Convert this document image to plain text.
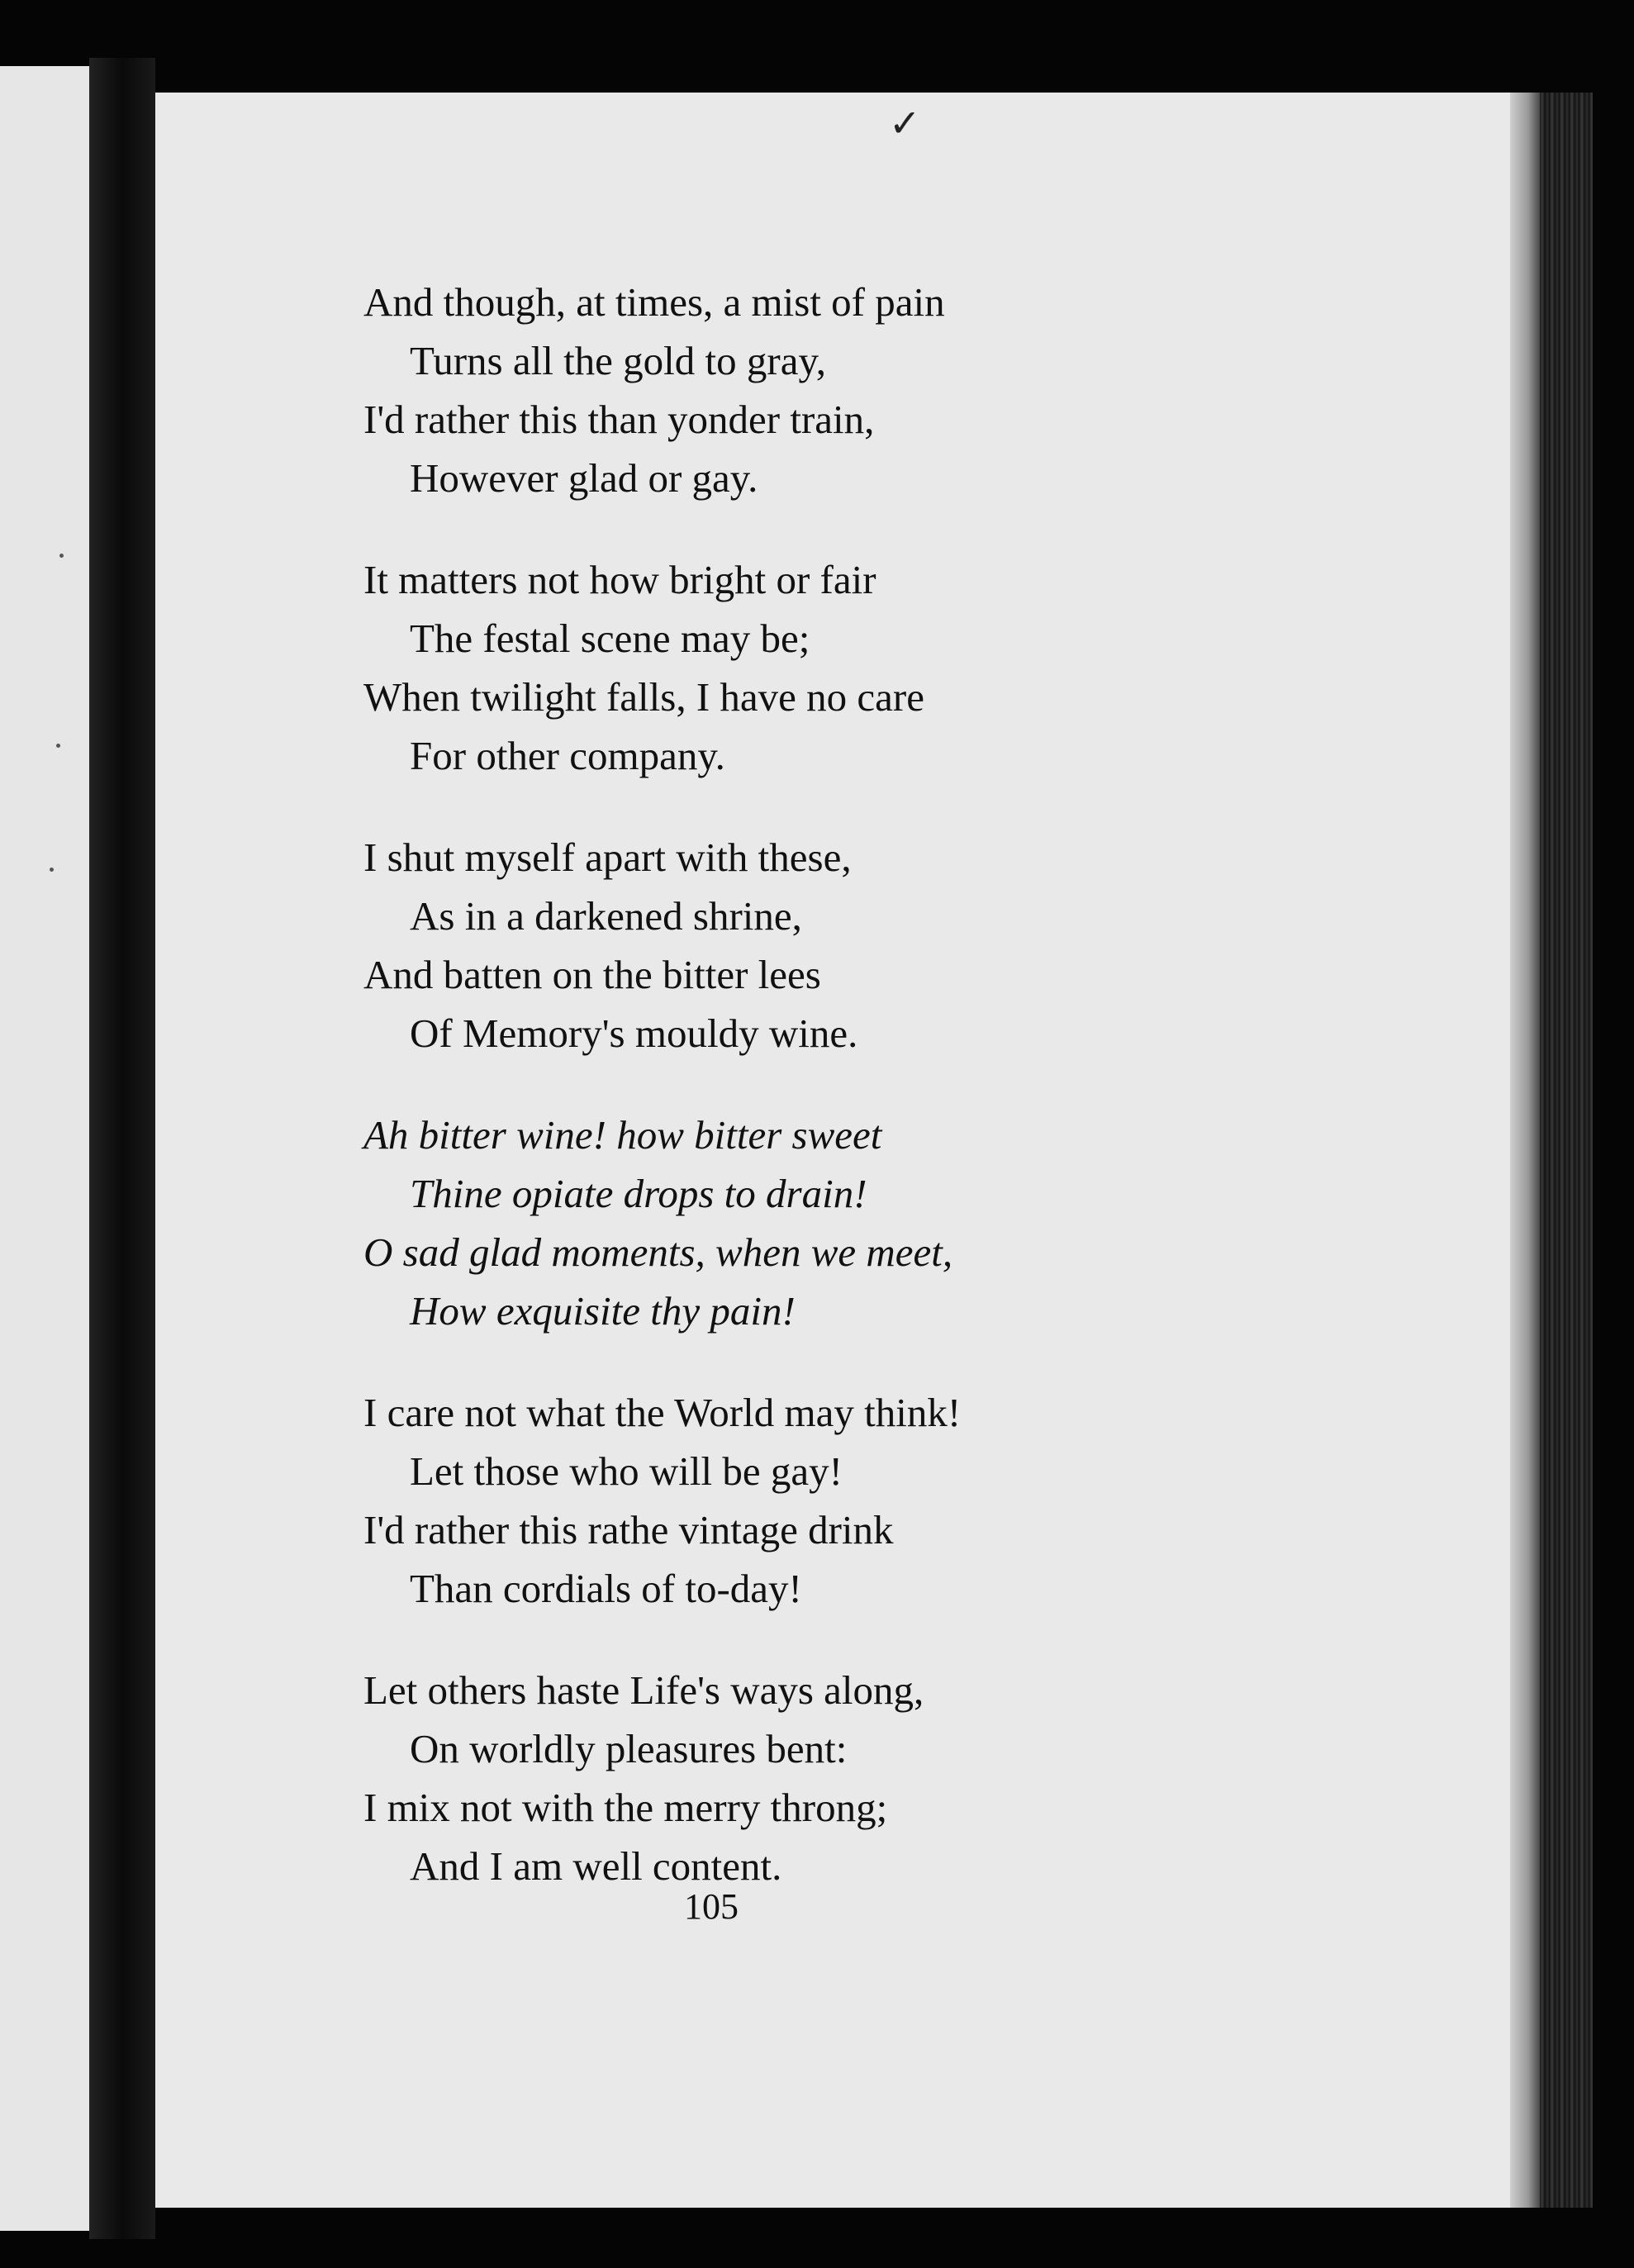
✓
And though, at times, a mist of pain
Turns all the gold to gray,
I'd rather this than yonder train,
However glad or gay.
It matters not how bright or fair
The festal scene may be;
When twilight falls, I have no care
For other company.
I shut myself apart with these,
As in a darkened shrine,
And batten on the bitter lees
Of Memory's mouldy wine.
Ah bitter wine! how bitter sweet
Thine opiate drops to drain!
O sad glad moments, when we meet,
How exquisite thy pain!
I care not what the World may think!
Let those who will be gay!
I'd rather this rathe vintage drink
Than cordials of to-day!
Let others haste Life's ways along,
On worldly pleasures bent:
I mix not with the merry throng;
And I am well content.
105
